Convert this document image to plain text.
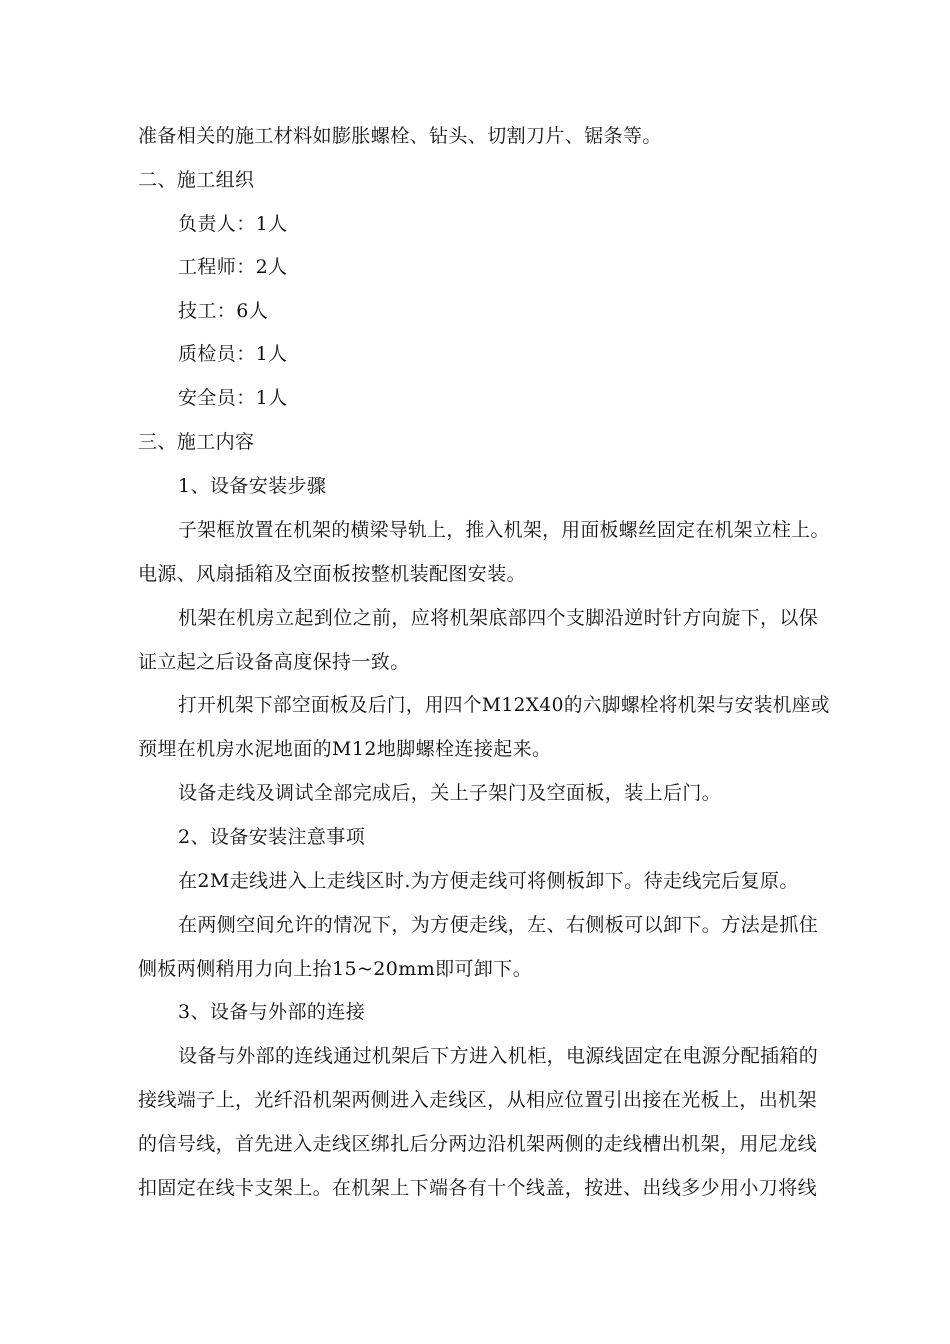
准备相关的施工材料如膨胀螺栓、钻头、切割刀片、锯条等。
二、施工组织
负责人：1人
工程师：2人
技工：6人
质检员：1人
安全员：1人
三、施工内容
1、设备安装步骤
子架框放置在机架的横梁导轨上，推入机架，用面板螺丝固定在机架立柱上。
电源、风扇插箱及空面板按整机装配图安装。
机架在机房立起到位之前，应将机架底部四个支脚沿逆时针方向旋下，以保
证立起之后设备高度保持一致。
打开机架下部空面板及后门，用四个M12X40的六脚螺栓将机架与安装机座或
预埋在机房水泥地面的M12地脚螺栓连接起来。
设备走线及调试全部完成后，关上子架门及空面板，装上后门。
2、设备安装注意事项
在2M走线进入上走线区时.为方便走线可将侧板卸下。待走线完后复原。
在两侧空间允许的情况下，为方便走线，左、右侧板可以卸下。方法是抓住
侧板两侧稍用力向上抬15~20mm即可卸下。
3、设备与外部的连接
设备与外部的连线通过机架后下方进入机柜，电源线固定在电源分配插箱的
接线端子上，光纤沿机架两侧进入走线区，从相应位置引出接在光板上，出机架
的信号线，首先进入走线区绑扎后分两边沿机架两侧的走线槽出机架，用尼龙线
扣固定在线卡支架上。在机架上下端各有十个线盖，按进、出线多少用小刀将线
